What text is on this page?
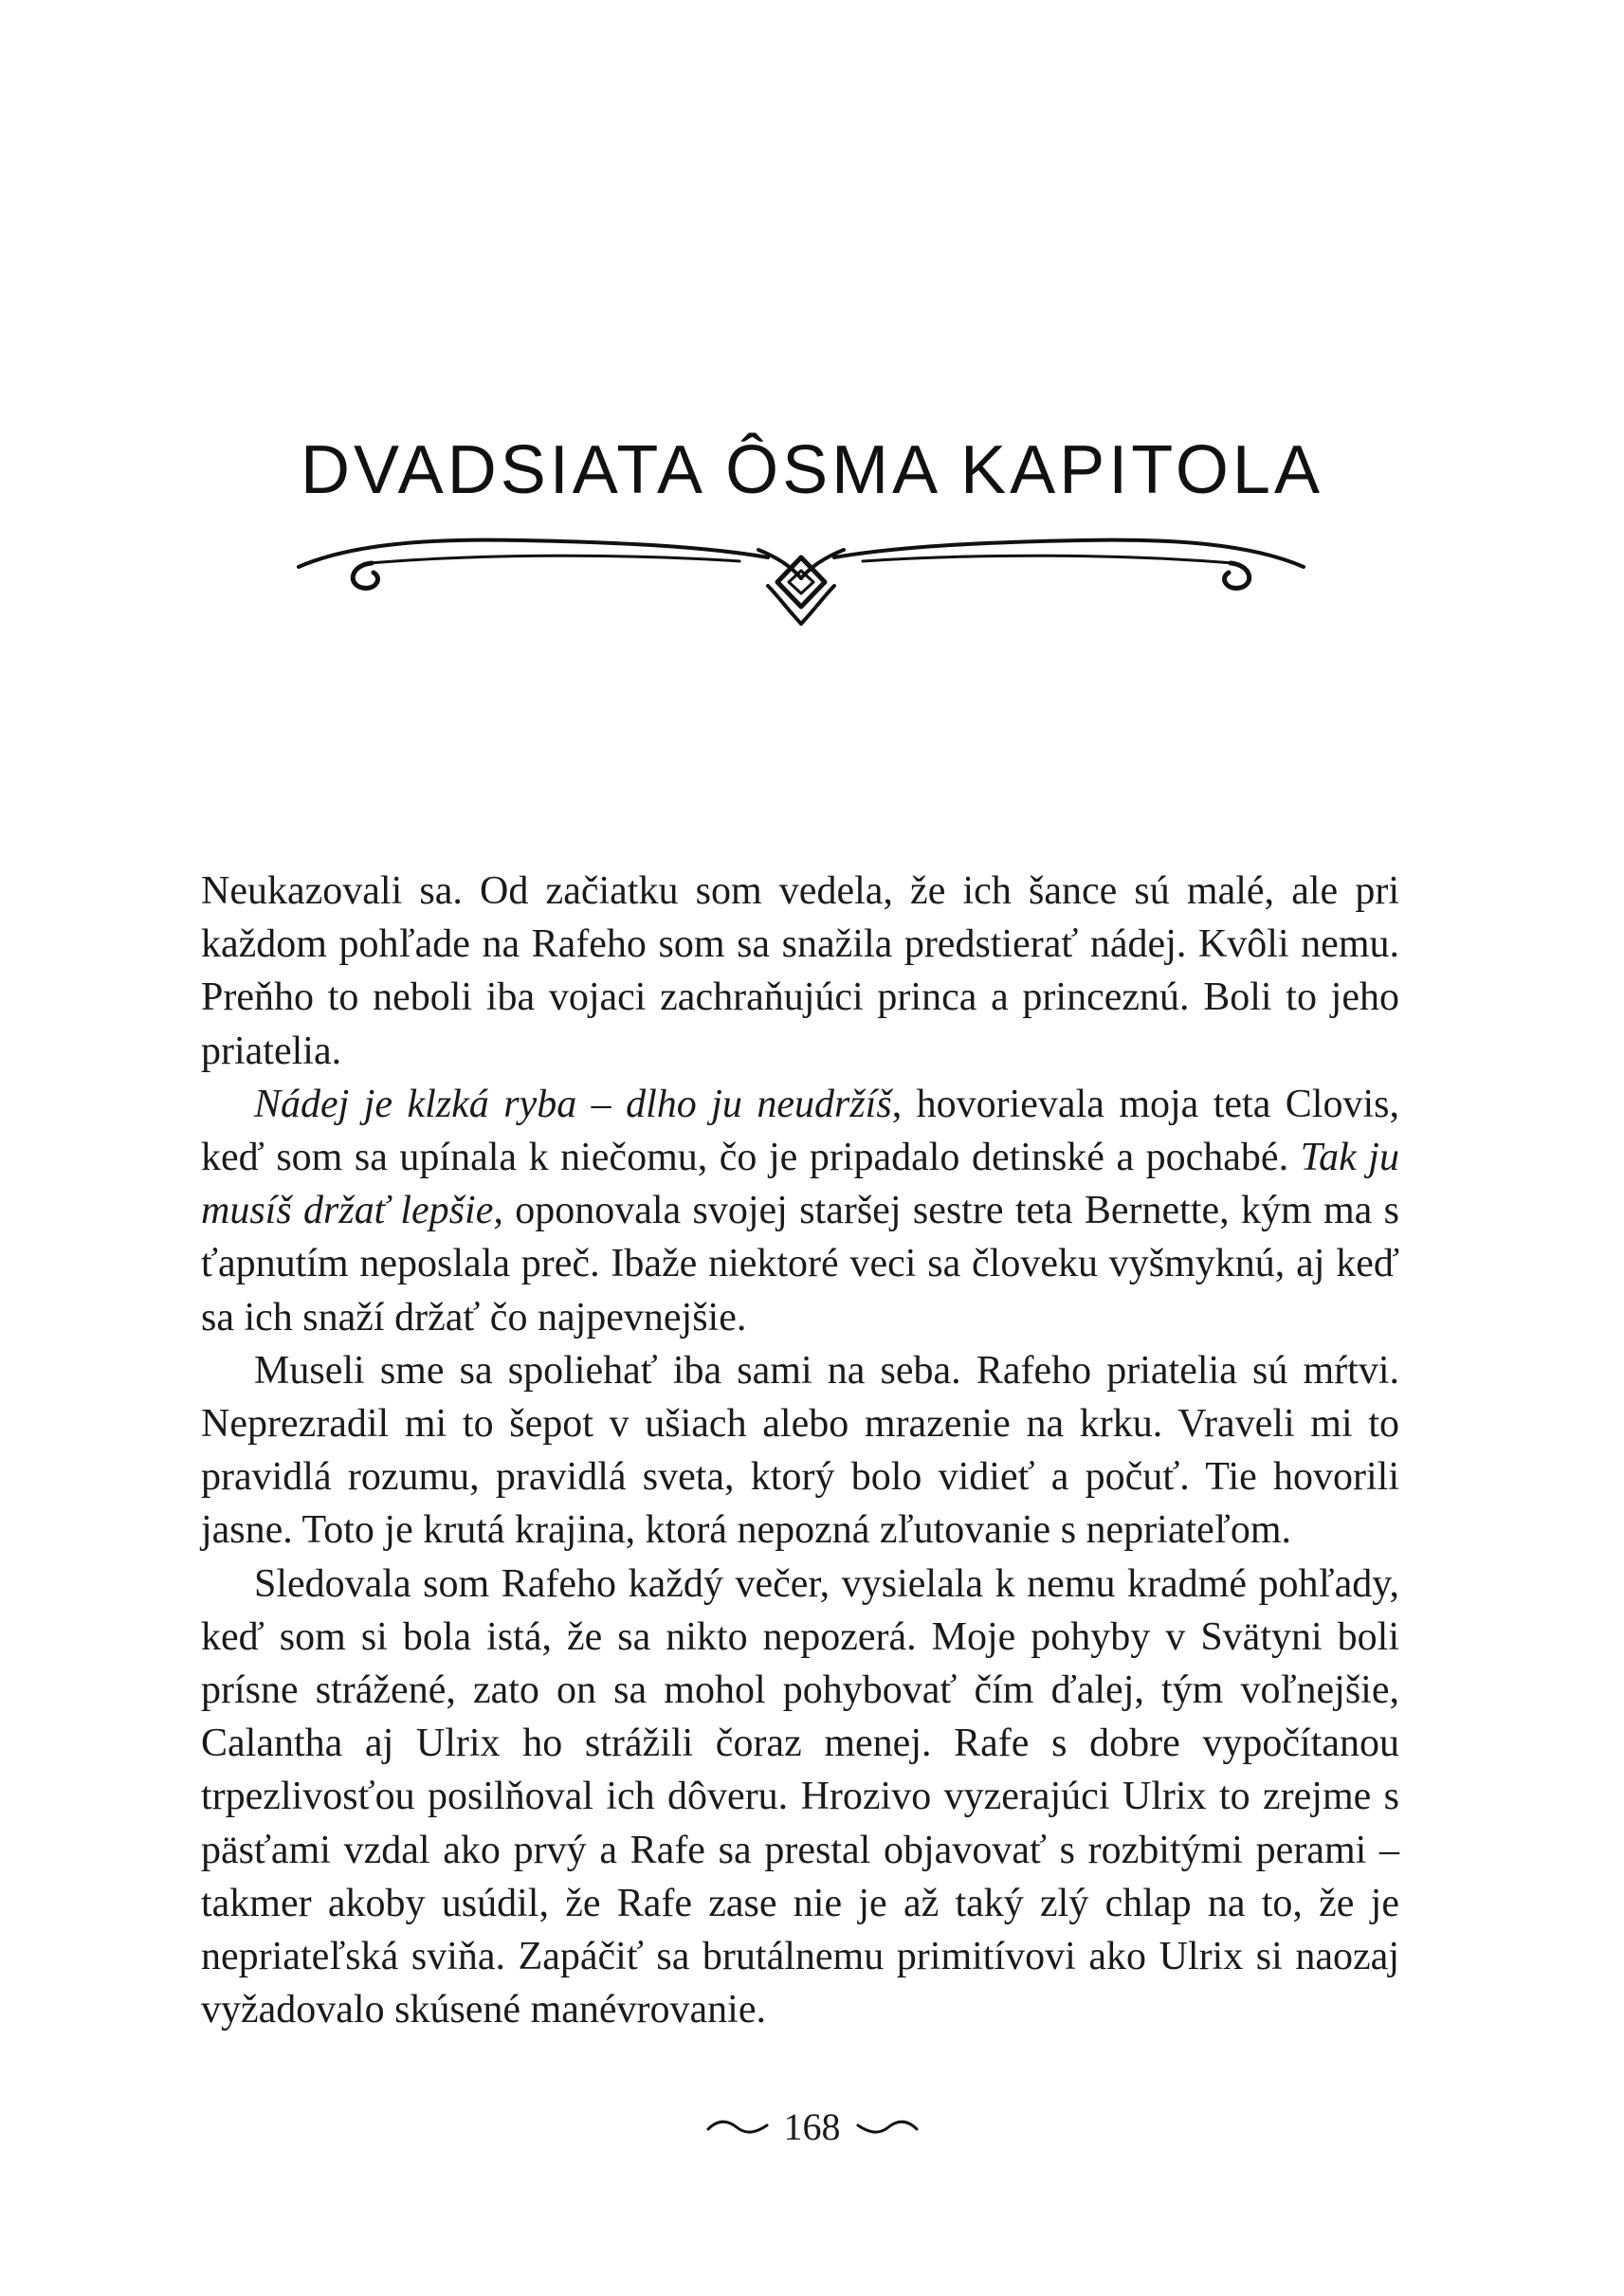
DVADSIATA ÔSMA KAPITOLA

Neukazovali sa. Od začiatku som vedela, že ich šance sú malé, ale pri každom pohľade na Rafeho som sa snažila predstierať nádej. Kvôli nemu. Preňho to neboli iba vojaci zachraňujúci princa a princeznú. Boli to jeho priatelia.

Nádej je klzká ryba – dlho ju neudržíš, hovorievala moja teta Clovis, keď som sa upínala k niečomu, čo je pripadalo detinské a pochabé. Tak ju musíš držať lepšie, oponovala svojej staršej sestre teta Bernette, kým ma s ťapnutím neposlala preč. Ibaže niektoré veci sa človeku vyšmyknú, aj keď sa ich snaží držať čo najpevnejšie.

Museli sme sa spoliehať iba sami na seba. Rafeho priatelia sú mŕtvi. Neprezradil mi to šepot v ušiach alebo mrazenie na krku. Vraveli mi to pravidlá rozumu, pravidlá sveta, ktorý bolo vidieť a počuť. Tie hovorili jasne. Toto je krutá krajina, ktorá nepozná zľutovanie s nepriateľom.

Sledovala som Rafeho každý večer, vysielala k nemu kradmé pohľady, keď som si bola istá, že sa nikto nepozerá. Moje pohyby v Svätyni boli prísne strážené, zato on sa mohol pohybovať čím ďalej, tým voľnejšie, Calantha aj Ulrix ho strážili čoraz menej. Rafe s dobre vypočítanou trpezlivosťou posilňoval ich dôveru. Hrozivo vyzerajúci Ulrix to zrejme s päsťami vzdal ako prvý a Rafe sa prestal objavovať s rozbitými perami – takmer akoby usúdil, že Rafe zase nie je až taký zlý chlap na to, že je nepriateľská sviňa. Zapáčiť sa brutálnemu primitívovi ako Ulrix si naozaj vyžadovalo skúsené manévrovanie.

168
